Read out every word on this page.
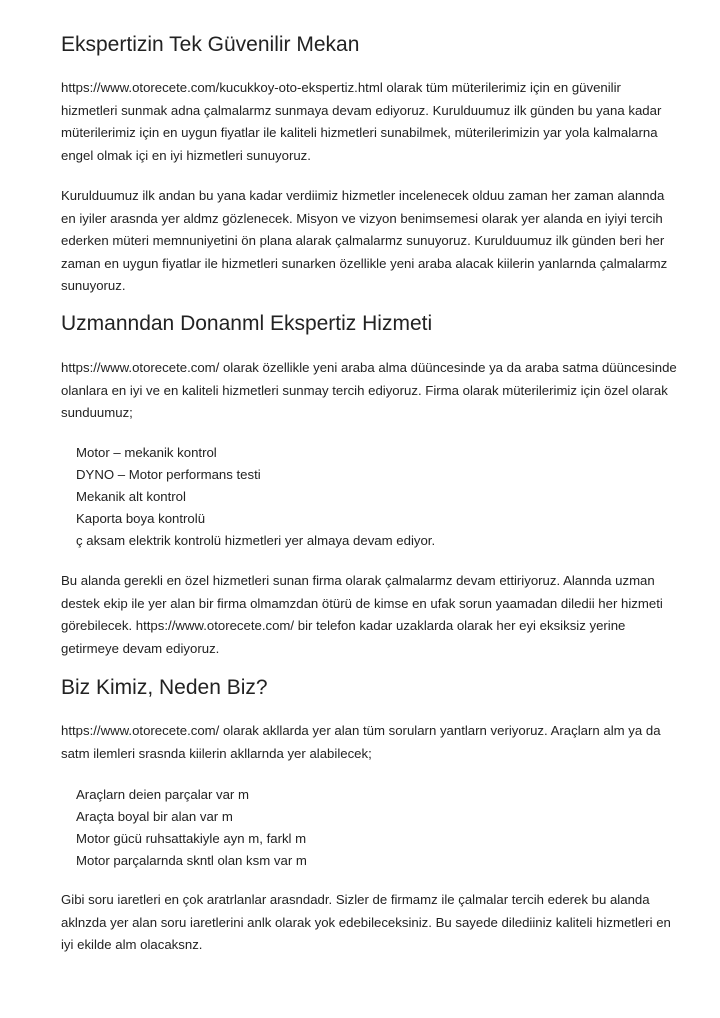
Ekspertizin Tek Güvenilir Mekan

https://www.otorecete.com/kucukkoy-oto-ekspertiz.html olarak tüm müterilerimiz için en güvenilir hizmetleri sunmak adna çalmalarmz sunmaya devam ediyoruz. Kurulduumuz ilk günden bu yana kadar müterilerimiz için en uygun fiyatlar ile kaliteli hizmetleri sunabilmek, müterilerimizin yar yola kalmalarna engel olmak içi en iyi hizmetleri sunuyoruz.

Kurulduumuz ilk andan bu yana kadar verdiimiz hizmetler incelenecek olduu zaman her zaman alannda en iyiler arasnda yer aldmz gözlenecek. Misyon ve vizyon benimsemesi olarak yer alanda en iyiyi tercih ederken müteri memnuniyetini ön plana alarak çalmalarmz sunuyoruz. Kurulduumuz ilk günden beri her zaman en uygun fiyatlar ile hizmetleri sunarken özellikle yeni araba alacak kiilerin yanlarnda çalmalarmz sunuyoruz.

Uzmanndan Donanml Ekspertiz Hizmeti

https://www.otorecete.com/ olarak özellikle yeni araba alma düüncesinde ya da araba satma düüncesinde olanlara en iyi ve en kaliteli hizmetleri sunmay tercih ediyoruz. Firma olarak müterilerimiz için özel olarak sunduumuz;

Motor – mekanik kontrol
DYNO – Motor performans testi
Mekanik alt kontrol
Kaporta boya kontrolü
ç aksam elektrik kontrolü hizmetleri yer almaya devam ediyor.

Bu alanda gerekli en özel hizmetleri sunan firma olarak çalmalarmz devam ettiriyoruz. Alannda uzman destek ekip ile yer alan bir firma olmamzdan ötürü de kimse en ufak sorun yaamadan diledii her hizmeti görebilecek. https://www.otorecete.com/ bir telefon kadar uzaklarda olarak her eyi eksiksiz yerine getirmeye devam ediyoruz.

Biz Kimiz, Neden Biz?

https://www.otorecete.com/ olarak akllarda yer alan tüm sorularn yantlarn veriyoruz. Araçlarn alm ya da satm ilemleri srasnda kiilerin akllarnda yer alabilecek;

Araçlarn deien parçalar var m
Araçta boyal bir alan var m
Motor gücü ruhsattakiyle ayn m, farkl m
Motor parçalarnda skntl olan ksm var m

Gibi soru iaretleri en çok aratrlanlar arasndadr. Sizler de firmamz ile çalmalar tercih ederek bu alanda aklnzda yer alan soru iaretlerini anlk olarak yok edebileceksiniz. Bu sayede dilediiniz kaliteli hizmetleri en iyi ekilde alm olacaksnz.
